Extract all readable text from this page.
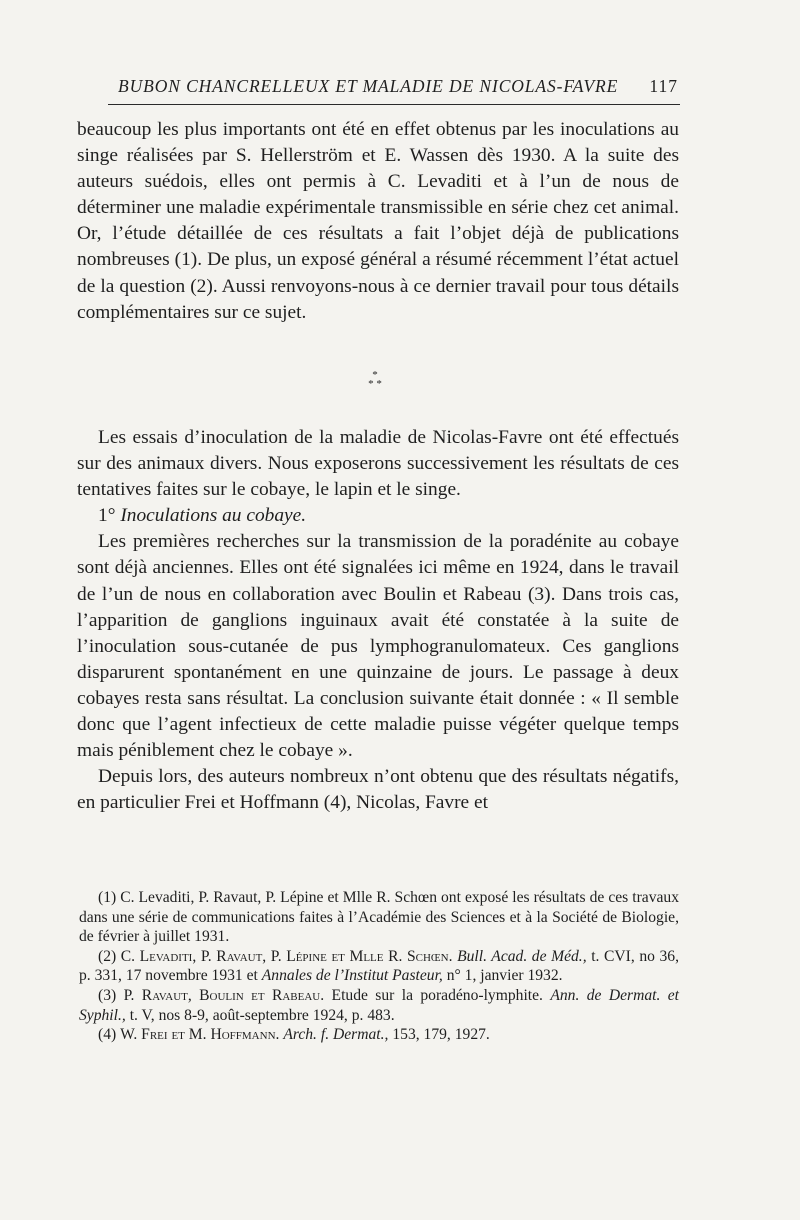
BUBON CHANCRELLEUX ET MALADIE DE NICOLAS-FAVRE 117

beaucoup les plus importants ont été en effet obtenus par les inoculations au singe réalisées par S. Hellerström et E. Wassen dès 1930. A la suite des auteurs suédois, elles ont permis à C. Levaditi et à l’un de nous de déterminer une maladie expérimentale transmissible en série chez cet animal. Or, l’étude détaillée de ces résultats a fait l’objet déjà de publications nombreuses (1). De plus, un exposé général a résumé récemment l’état actuel de la question (2). Aussi renvoyons-nous à ce dernier travail pour tous détails complémentaires sur ce sujet.

*
* *

Les essais d’inoculation de la maladie de Nicolas-Favre ont été effectués sur des animaux divers. Nous exposerons successivement les résultats de ces tentatives faites sur le cobaye, le lapin et le singe.

1° Inoculations au cobaye.

Les premières recherches sur la transmission de la poradénite au cobaye sont déjà anciennes. Elles ont été signalées ici même en 1924, dans le travail de l’un de nous en collaboration avec Boulin et Rabeau (3). Dans trois cas, l’apparition de ganglions inguinaux avait été constatée à la suite de l’inoculation sous-cutanée de pus lymphogranulomateux. Ces ganglions disparurent spontanément en une quinzaine de jours. Le passage à deux cobayes resta sans résultat. La conclusion suivante était donnée : « Il semble donc que l’agent infectieux de cette maladie puisse végéter quelque temps mais péniblement chez le cobaye ».

Depuis lors, des auteurs nombreux n’ont obtenu que des résultats négatifs, en particulier Frei et Hoffmann (4), Nicolas, Favre et

(1) C. Levaditi, P. Ravaut, P. Lépine et Mlle R. Schœn ont exposé les résultats de ces travaux dans une série de communications faites à l’Académie des Sciences et à la Société de Biologie, de février à juillet 1931.

(2) C. Levaditi, P. Ravaut, P. Lépine et Mlle R. Schœn. Bull. Acad. de Méd., t. CVI, no 36, p. 331, 17 novembre 1931 et Annales de l’Institut Pasteur, n° 1, janvier 1932.

(3) P. Ravaut, Boulin et Rabeau. Etude sur la poradéno-lymphite. Ann. de Dermat. et Syphil., t. V, nos 8-9, août-septembre 1924, p. 483.

(4) W. Frei et M. Hoffmann. Arch. f. Dermat., 153, 179, 1927.
